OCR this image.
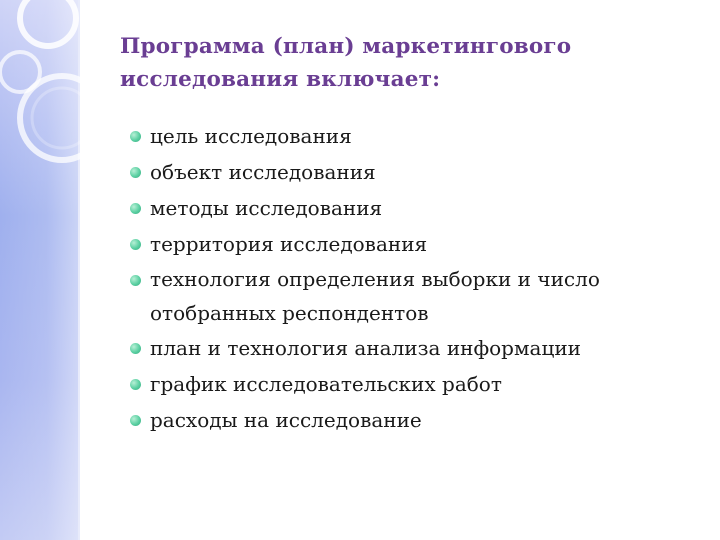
Программа (план) маркетингового исследования включает:
цель исследования
объект исследования
методы исследования
территория исследования
технология определения выборки и число отобранных респондентов
план и технология анализа информации
график исследовательских работ
расходы на исследование
